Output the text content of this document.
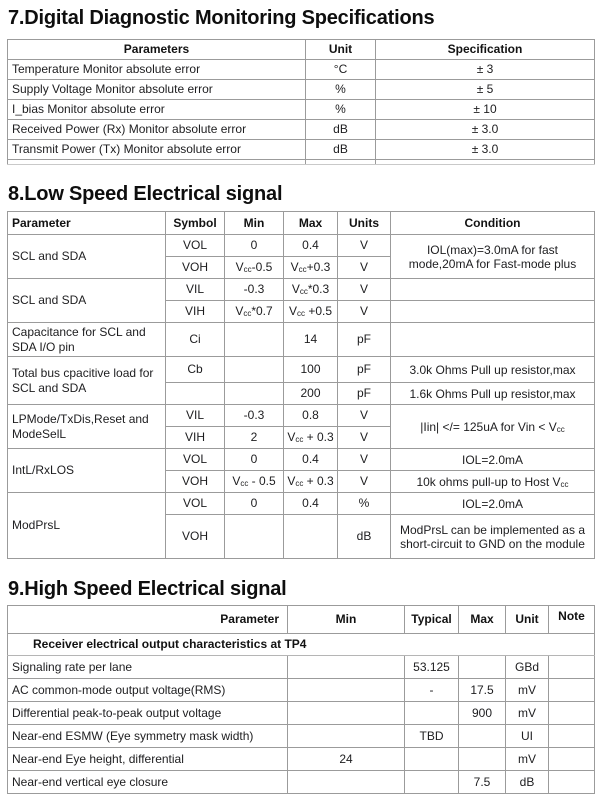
7.Digital Diagnostic Monitoring Specifications
Parameters	Unit	Specification
Temperature Monitor absolute error	°C	± 3
Supply Voltage Monitor absolute error	%	± 5
I_bias Monitor absolute error	%	± 10
Received Power (Rx) Monitor absolute error	dB	± 3.0
Transmit Power (Tx) Monitor absolute error	dB	± 3.0

8.Low Speed Electrical signal
Parameter	Symbol	Min	Max	Units	Condition
SCL and SDA	VOL	0	0.4	V	IOL(max)=3.0mA for fast mode,20mA for Fast-mode plus
	VOH	$V_{cc}-0.5$	$V_{cc}+0.3$	V	
SCL and SDA	VIL	-0.3	$V_{cc}*0.3$	V	
	VIH	$V_{cc}*0.7$	$V_{cc} +0.5$	V	
Capacitance for SCL and SDA I/O pin	Ci		14	pF	
Total bus cpacitive load for SCL and SDA	Cb		100	pF	3.0k Ohms Pull up resistor,max
			200	pF	1.6k Ohms Pull up resistor,max
LPMode/TxDis,Reset and ModeSelL	VIL	-0.3	0.8	V	|Iin| </= 125uA for Vin < $V_{cc}$
	VIH	2	$V_{cc} + 0.3$	V	
IntL/RxLOS	VOL	0	0.4	V	IOL=2.0mA
	VOH	$V_{cc} - 0.5$	$V_{cc} + 0.3$	V	10k ohms pull-up to Host $V_{cc}$
ModPrsL	VOL	0	0.4	%	IOL=2.0mA
	VOH			dB	ModPrsL can be implemented as a short-circuit to GND on the module
9.High Speed Electrical signal
Parameter	Min	Typical	Max	Unit	Note
Receiver electrical output characteristics at TP4					
Signaling rate per lane		53.125		GBd	
AC common-mode output voltage(RMS)		-	17.5	mV	
Differential peak-to-peak output voltage			900	mV	
Near-end ESMW (Eye symmetry mask width)		TBD		UI	
Near-end Eye height, differential	24			mV	
Near-end vertical eye closure			7.5	dB	
